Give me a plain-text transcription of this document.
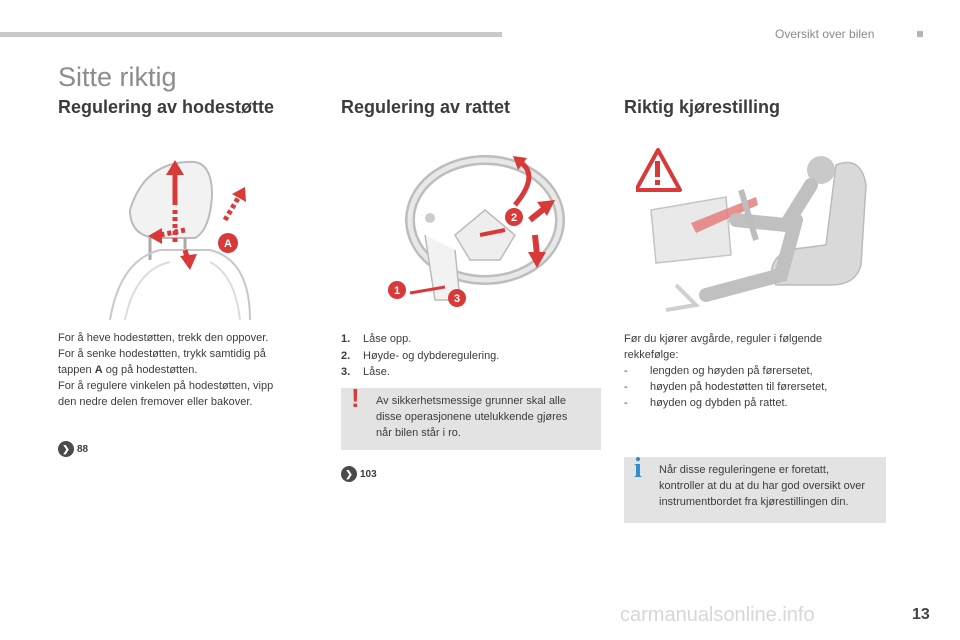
Oversikt over bilen
Sitte riktig
Regulering av hodestøtte
A

For å heve hodestøtten, trekk den oppover.

For å senke hodestøtten, trykk samtidig på

tappen A og på hodestøtten.

For å regulere vinkelen på hodestøtten, vipp

den nedre delen fremover eller bakover.

❯ 88
Regulering av rattet
2
1
3
1.	Låse opp.
2.	Høyde- og dybderegulering.
3.	Låse.
! Av sikkerhetsmessige grunner skal alle
disse operasjonene utelukkende gjøres
når bilen står i ro.
❯ 103
Riktig kjørestilling

Før du kjører avgårde, reguler i følgende

rekkefølge:

-	lengden og høyden på førersetet,
-	høyden på hodestøtten til førersetet,
-	høyden og dybden på rattet.
i Når disse reguleringene er foretatt,
kontroller at du at du har god oversikt over
instrumentbordet fra kjørestillingen din.
carmanualsonline.info	13
